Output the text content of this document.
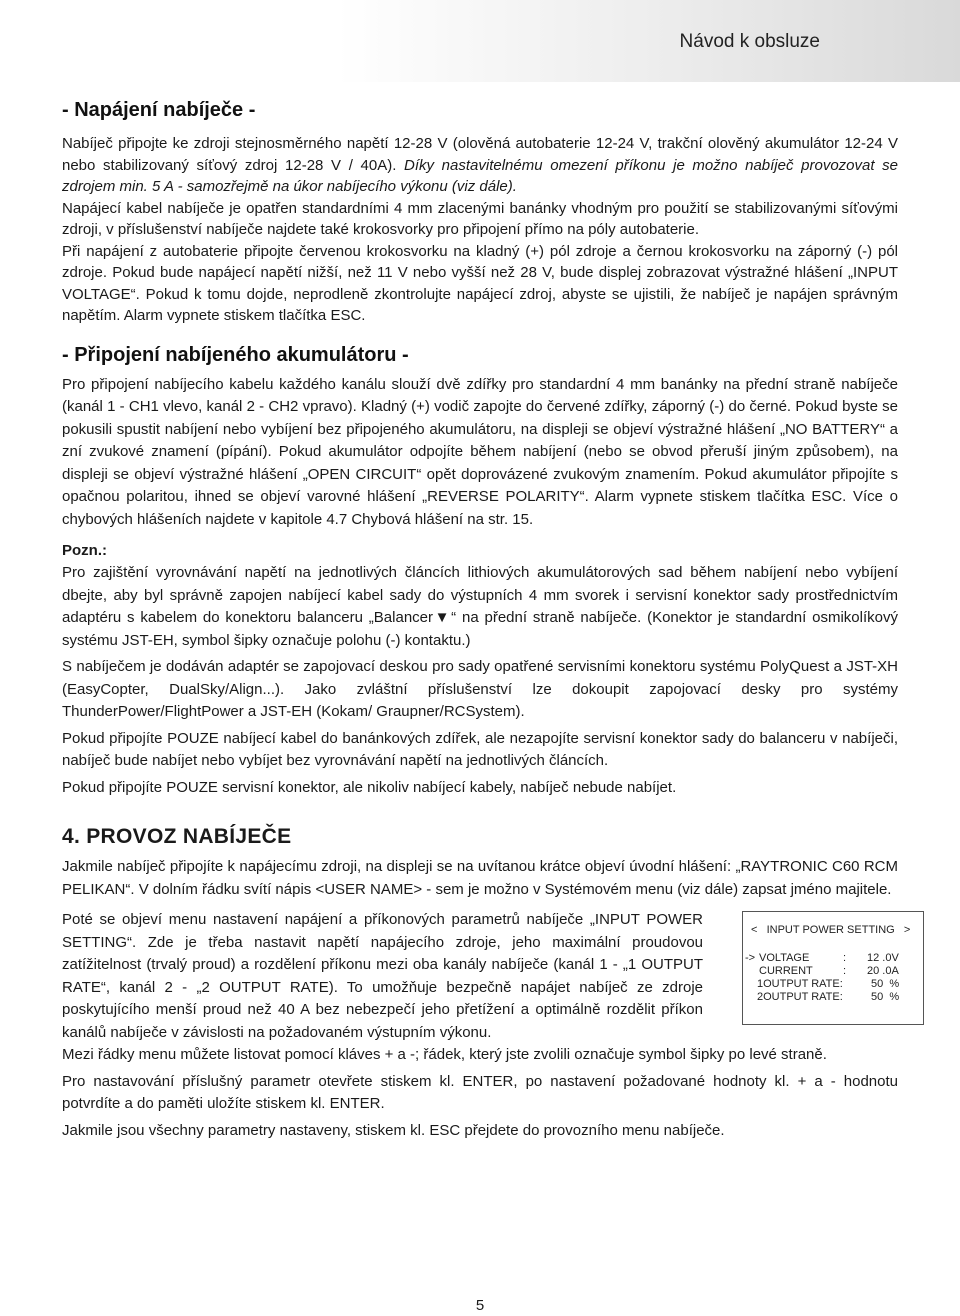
Návod k obsluze
- Napájení nabíječe -

Nabíječ připojte ke zdroji stejnosměrného napětí 12-28 V (olověná autobaterie 12-24 V, trakční olověný akumulátor 12-24 V nebo stabilizovaný síťový zdroj 12-28 V / 40A). Díky nastavitelnému omezení příkonu je možno nabíječ provozovat se zdrojem min. 5 A - samozřejmě na úkor nabíjecího výkonu (viz dále).

Napájecí kabel nabíječe je opatřen standardními 4 mm zlacenými banánky vhodným pro použití se stabilizovanými síťovými zdroji, v příslušenství nabíječe najdete také krokosvorky pro připojení přímo na póly autobaterie.

Při napájení z autobaterie připojte červenou krokosvorku na kladný (+) pól zdroje a černou krokosvorku na záporný (-) pól zdroje. Pokud bude napájecí napětí nižší, než 11 V nebo vyšší než 28 V, bude displej zobrazovat výstražné hlášení „INPUT VOLTAGE“. Pokud k tomu dojde, neprodleně zkontrolujte napájecí zdroj, abyste se ujistili, že nabíječ je napájen správným napětím. Alarm vypnete stiskem tlačítka ESC.

- Připojení nabíjeného akumulátoru -

Pro připojení nabíjecího kabelu každého kanálu slouží dvě zdířky pro standardní 4 mm banánky na přední straně nabíječe (kanál 1 - CH1 vlevo, kanál 2 - CH2 vpravo). Kladný (+) vodič zapojte do červené zdířky, záporný (-) do černé. Pokud byste se pokusili spustit nabíjení nebo vybíjení bez připojeného akumulátoru, na displeji se objeví výstražné hlášení „NO BATTERY“ a zní zvukové znamení (pípání). Pokud akumulátor odpojíte během nabíjení (nebo se obvod přeruší jiným způsobem), na displeji se objeví výstražné hlášení „OPEN CIRCUIT“ opět doprovázené zvukovým znamením. Pokud akumulátor připojíte s opačnou polaritou, ihned se objeví varovné hlášení „REVERSE POLARITY“. Alarm vypnete stiskem tlačítka ESC. Více o chybových hlášeních najdete v kapitole 4.7 Chybová hlášení na str. 15.

Pozn.:

Pro zajištění vyrovnávání napětí na jednotlivých článcích lithiových akumulátorových sad během nabíjení nebo vybíjení dbejte, aby byl správně zapojen nabíjecí kabel sady do výstupních 4 mm svorek i servisní konektor sady prostřednictvím adaptéru s kabelem do konektoru balanceru „Balancer▼“ na přední straně nabíječe. (Konektor je standardní osmikolíkový systému JST-EH, symbol šipky označuje polohu (-) kontaktu.)

S nabíječem je dodáván adaptér se zapojovací deskou pro sady opatřené servisními konektoru systému PolyQuest a JST-XH (EasyCopter, DualSky/Align...). Jako zvláštní příslušenství lze dokoupit zapojovací desky pro systémy ThunderPower/FlightPower a JST-EH (Kokam/ Graupner/RCSystem).

Pokud připojíte POUZE nabíjecí kabel do banánkových zdířek, ale nezapojíte servisní konektor sady do balanceru v nabíječi, nabíječ bude nabíjet nebo vybíjet bez vyrovnávání napětí na jednotlivých článcích.

Pokud připojíte POUZE servisní konektor, ale nikoliv nabíjecí kabely, nabíječ nebude nabíjet.

4. PROVOZ NABÍJEČE

Jakmile nabíječ připojíte k napájecímu zdroji, na displeji se na uvítanou krátce objeví úvodní hlášení: „RAYTRONIC C60 RCM PELIKAN“. V dolním řádku svítí nápis <USER NAME> - sem je možno v Systémovém menu (viz dále) zapsat jméno majitele.

<   INPUT POWER SETTING   >
-> VOLTAGE	: 12 .0V
CURRENT	: 20 .0A
1OUTPUT RATE:	50  %
2OUTPUT RATE:	50  %

Poté se objeví menu nastavení napájení a příkonových parametrů nabíječe „INPUT POWER SETTING“. Zde je třeba nastavit napětí napájecího zdroje, jeho maximální proudovou zatížitelnost (trvalý proud) a rozdělení příkonu mezi oba kanály nabíječe (kanál 1 - „1 OUTPUT RATE“, kanál 2 - „2 OUTPUT RATE). To umožňuje bezpečně napájet nabíječ ze zdroje poskytujícího menší proud než 40 A bez nebezpečí jeho přetížení a optimálně rozdělit příkon kanálů nabíječe v závislosti na požadovaném výstupním výkonu.

Mezi řádky menu můžete listovat pomocí kláves + a -; řádek, který jste zvolili označuje symbol šipky po levé straně.

Pro nastavování příslušný parametr otevřete stiskem kl. ENTER, po nastavení požadované hodnoty kl. + a - hodnotu potvrdíte a do paměti uložíte stiskem kl. ENTER.

Jakmile jsou všechny parametry nastaveny, stiskem kl. ESC přejdete do provozního menu nabíječe.

5
